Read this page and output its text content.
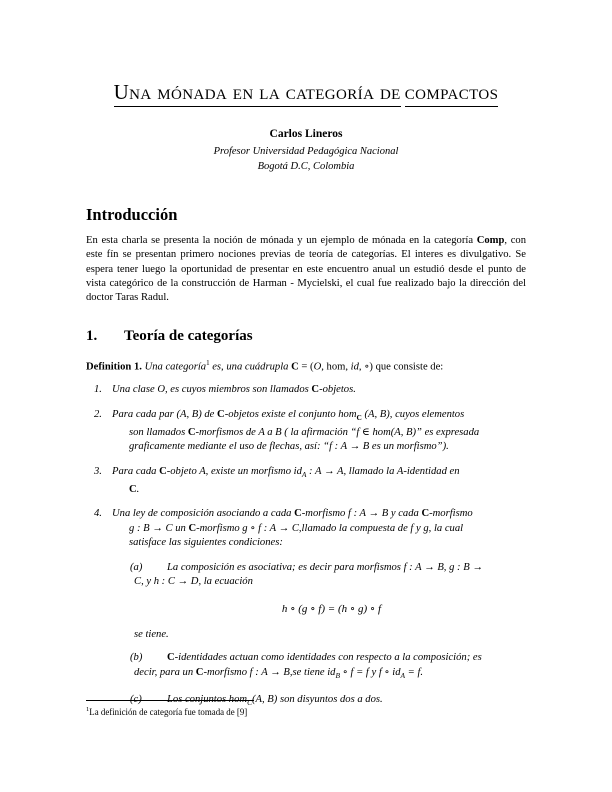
Una mónada en la categoría de compactos
Carlos Lineros
Profesor Universidad Pedagógica Nacional
Bogotá D.C, Colombia
Introducción

En esta charla se presenta la noción de mónada y un ejemplo de mónada en la categoría Comp, con este fín se presentan primero nociones previas de teoría de categorías. El interes es divulgativo. Se espera tener luego la oportunidad de presentar en este encuentro anual un estudió desde el punto de vista categórico de la construcción de Harman - Mycielski, el cual fue realizado bajo la dirección del doctor Taras Radul.

1.	Teoría de categorías
Definition 1. Una categoría$^1$ es, una cuádrupla C = (O, hom, id, ∘) que consiste de:
1. Una clase O, es cuyos miembros son llamados C-objetos.
2. Para cada par (A, B) de C-objetos existe el conjunto hom$_C$ (A, B), cuyos elementos
son llamados C-morfismos de A a B ( la afirmación “f ∈ hom(A, B)” es expresada
graficamente mediante el uso de flechas, así: “f : A → B es un morfismo”).
3. Para cada C-objeto A, existe un morfismo $id_A$ : A → A, llamado la A-identidad en
C.
4. Una ley de composición asociando a cada C-morfismo f : A → B y cada C-morfismo
g : B → C un C-morfismo g ∘ f : A → C,llamado la compuesta de f y g, la cual
satisface las siguientes condiciones:
(a) La composición es asociativa; es decir para morfismos f : A → B, g : B →
C, y h : C → D, la ecuación
h ∘ (g ∘ f) = (h ∘ g) ∘ f
se tiene.
(b) C-identidades actuan como identidades con respecto a la composición; es
decir, para un C-morfismo f : A → B,se tiene $id_B$ ∘ f = f y f ∘ $id_A = f$.
(c) Los conjuntos hom$_C$(A, B) son disyuntos dos a dos.
$^1$La definición de categoría fue tomada de [9]
